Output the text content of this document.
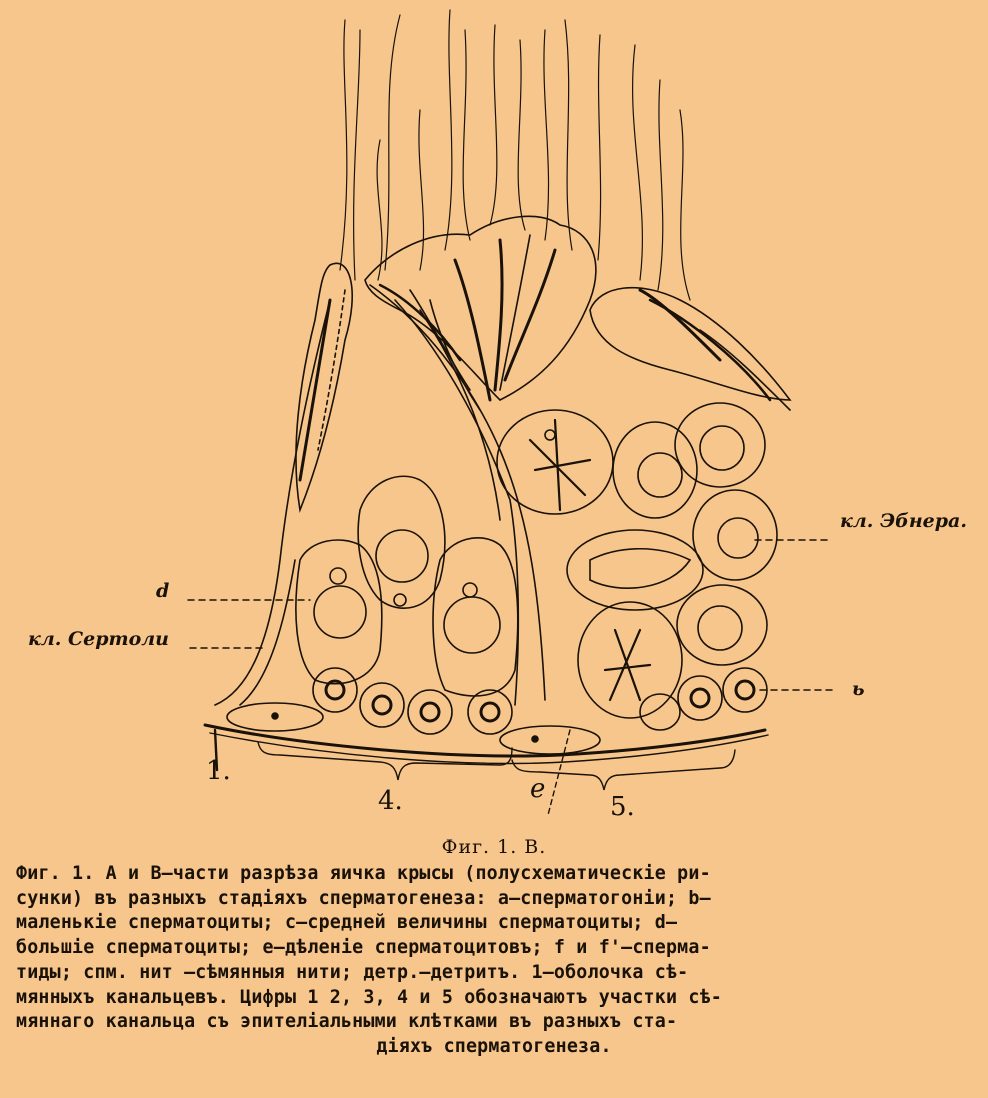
d
кл. Сертоли
кл. Эбнера.
ь
1.
4.	e
5.
Фиг. 1. B.
Фиг. 1. A и B—части разрѣза яичка крысы (полусхематическiе ри-
сунки) въ разныхъ стадiяхъ сперматогенеза: a—сперматогонiи; b—
маленькiе сперматоциты; c—средней величины сперматоциты; d—
большiе сперматоциты; e—дѣленiе сперматоцитовъ; f и f'—сперма-
тиды; спм. нит —сѣмянныя нити; детр.—детритъ. 1—оболочка сѣ-
мянныхъ канальцевъ. Цифры 1 2, 3, 4 и 5 обозначаютъ участки сѣ-
мяннаго канальца съ эпителiальными клѣтками въ разныхъ ста-
дiяхъ сперматогенеза.
